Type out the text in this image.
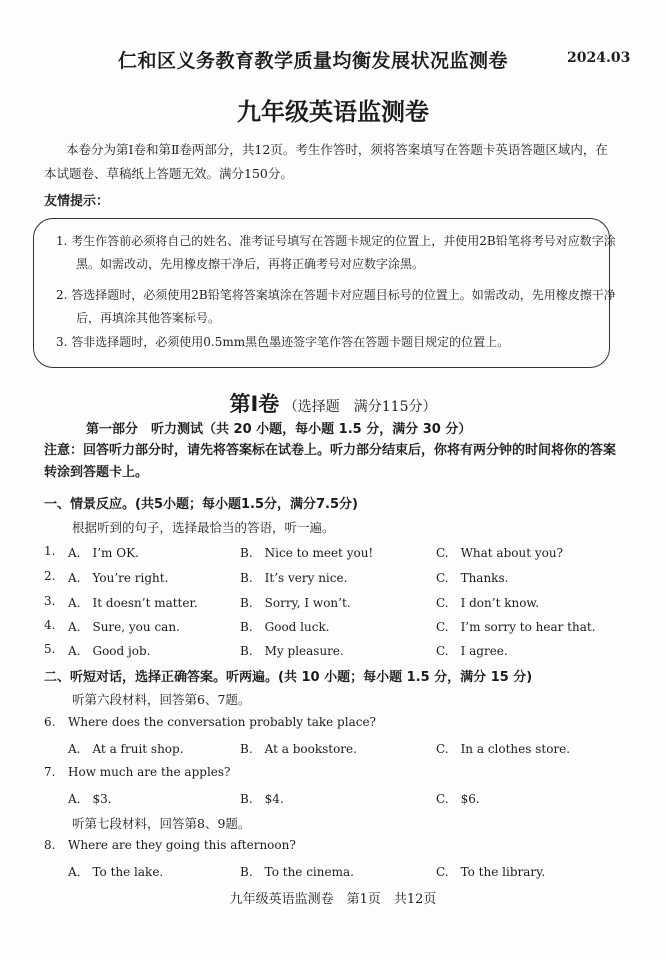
仁和区义务教育教学质量均衡发展状况监测卷	2024.03
九年级英语监测卷
本卷分为第Ⅰ卷和第Ⅱ卷两部分，共12页。考生作答时，须将答案填写在答题卡英语答题区域内，在本试题卷、草稿纸上答题无效。满分150分。
友情提示：
1. 考生作答前必须将自己的姓名、准考证号填写在答题卡规定的位置上，并使用2B铅笔将考号对应数字涂黑。如需改动，先用橡皮擦干净后，再将正确考号对应数字涂黑。
2. 答选择题时，必须使用2B铅笔将答案填涂在答题卡对应题目标号的位置上。如需改动，先用橡皮擦干净后，再填涂其他答案标号。
3. 答非选择题时，必须使用0.5mm黑色墨迹签字笔作答在答题卡题目规定的位置上。
第Ⅰ卷 （选择题　满分115分）
第一部分　听力测试（共 20 小题，每小题 1.5 分，满分 30 分）
注意：回答听力部分时，请先将答案标在试卷上。听力部分结束后，你将有两分钟的时间将你的答案转涂到答题卡上。
一、情景反应。(共5小题；每小题1.5分，满分7.5分)
根据听到的句子，选择最恰当的答语，听一遍。
1. A.　I’m OK.	B.　Nice to meet you!	C.　What about you?
2. A.　You’re right.	B.　It’s very nice.	C.　Thanks.
3. A.　It doesn’t matter.	B.　Sorry, I won’t.	C.　I don’t know.
4. A.　Sure, you can.	B.　Good luck.	C.　I’m sorry to hear that.
5. A.　Good job.	B.　My pleasure.	C.　I agree.
二、听短对话，选择正确答案。听两遍。(共 10 小题；每小题 1.5 分，满分 15 分)
听第六段材料，回答第6、7题。
6. Where does the conversation probably take place?
A.　At a fruit shop.	B.　At a bookstore.	C.　In a clothes store.
7. How much are the apples?
A.　$3.	B.　$4.	C.　$6.
听第七段材料，回答第8、9题。
8. Where are they going this afternoon?
A.　To the lake.	B.　To the cinema.	C.　To the library.
九年级英语监测卷　第1页　共12页
